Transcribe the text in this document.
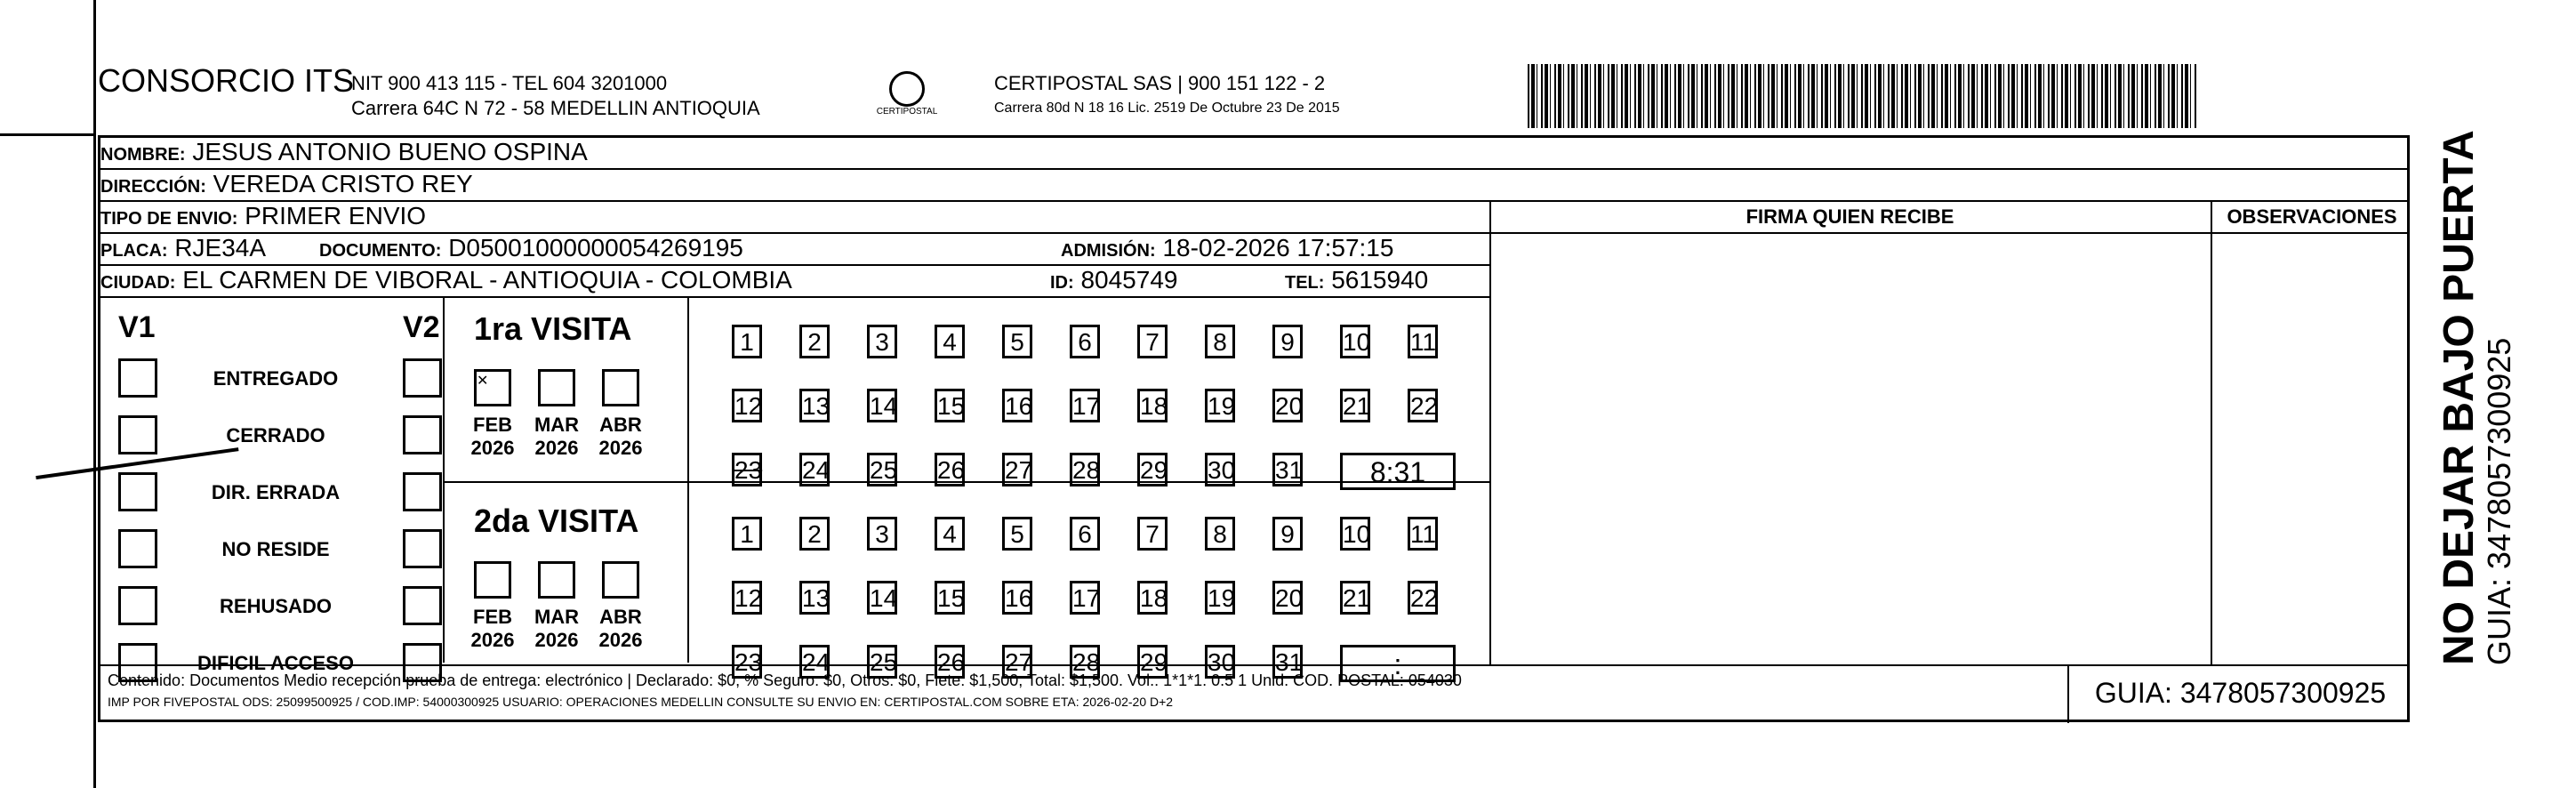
CONSORCIO ITS
NIT 900 413 115 - TEL 604 3201000
Carrera 64C N 72 - 58 MEDELLIN ANTIOQUIA	CERTIPOSTAL
CERTIPOSTAL SAS | 900 151 122 - 2
Carrera 80d N 18 16 Lic. 2519 De Octubre 23 De 2015
NOMBRE: JESUS ANTONIO BUENO OSPINA
DIRECCIÓN: VEREDA CRISTO REY
TIPO DE ENVIO: PRIMER ENVIO
PLACA: RJE34A	DOCUMENTO: D05001000000054269195	ADMISIÓN: 18-02-2026 17:57:15
CIUDAD: EL CARMEN DE VIBORAL - ANTIOQUIA - COLOMBIA	ID: 8045749	TEL: 5615940
FIRMA QUIEN RECIBE	OBSERVACIONES
V1	V2
ENTREGADO
CERRADO
DIR. ERRADA
NO RESIDE
REHUSADO
DIFICIL ACCESO
1ra VISITA
✕
FEB
2026
MAR
2026
ABR
2026
1	2	3	4	5	6	7	8	9	10 11
12 13 14 15 16 17 18 19 20 21 22
23 24 25 26 27 28 29 30 31	8:31
2da VISITA
FEB
2026
MAR
2026
ABR
2026
1	2	3	4	5	6	7	8	9	10 11
12 13 14 15 16 17 18 19 20 21 22
23 24 25 26 27 28 29 30 31	:
Contenido: Documentos Medio recepción prueba de entrega: electrónico | Declarado: $0, % Seguro: $0, Otros: $0, Flete: $1,500, Total: $1,500. Vol.: 1*1*1. 0.5 1 Unid. COD. POSTAL: 054030
IMP POR FIVEPOSTAL ODS: 25099500925 / COD.IMP: 54000300925 USUARIO: OPERACIONES MEDELLIN CONSULTE SU ENVIO EN: CERTIPOSTAL.COM SOBRE ETA: 2026-02-20 D+2	GUIA: 3478057300925
NO DEJAR BAJO PUERTA
GUIA: 3478057300925
